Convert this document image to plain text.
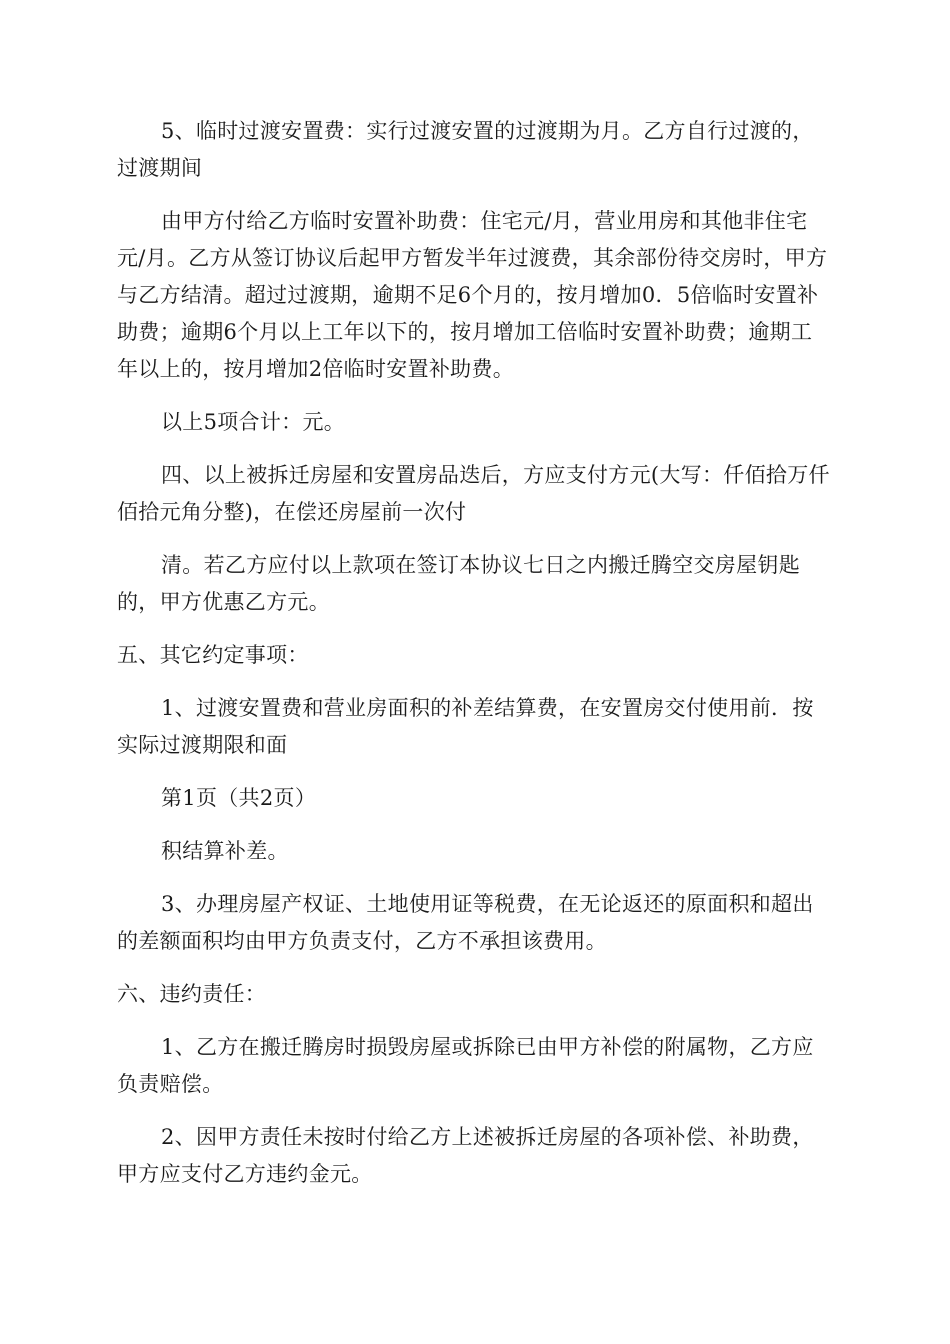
5、临时过渡安置费：实行过渡安置的过渡期为月。乙方自行过渡的，过渡期间

由甲方付给乙方临时安置补助费：住宅元/月，营业用房和其他非住宅元/月。乙方从签订协议后起甲方暂发半年过渡费，其余部份待交房时，甲方与乙方结清。超过过渡期，逾期不足6个月的，按月增加0．5倍临时安置补助费；逾期6个月以上工年以下的，按月增加工倍临时安置补助费；逾期工年以上的，按月增加2倍临时安置补助费。

以上5项合计：元。

四、以上被拆迁房屋和安置房品迭后，方应支付方元(大写：仟佰拾万仟佰拾元角分整)，在偿还房屋前一次付

清。若乙方应付以上款项在签订本协议七日之内搬迁腾空交房屋钥匙的，甲方优惠乙方元。

五、其它约定事项：

1、过渡安置费和营业房面积的补差结算费，在安置房交付使用前．按实际过渡期限和面

第1页（共2页）

积结算补差。

3、办理房屋产权证、土地使用证等税费，在无论返还的原面积和超出的差额面积均由甲方负责支付，乙方不承担该费用。

六、违约责任：

1、乙方在搬迁腾房时损毁房屋或拆除已由甲方补偿的附属物，乙方应负责赔偿。

2、因甲方责任未按时付给乙方上述被拆迁房屋的各项补偿、补助费，甲方应支付乙方违约金元。
